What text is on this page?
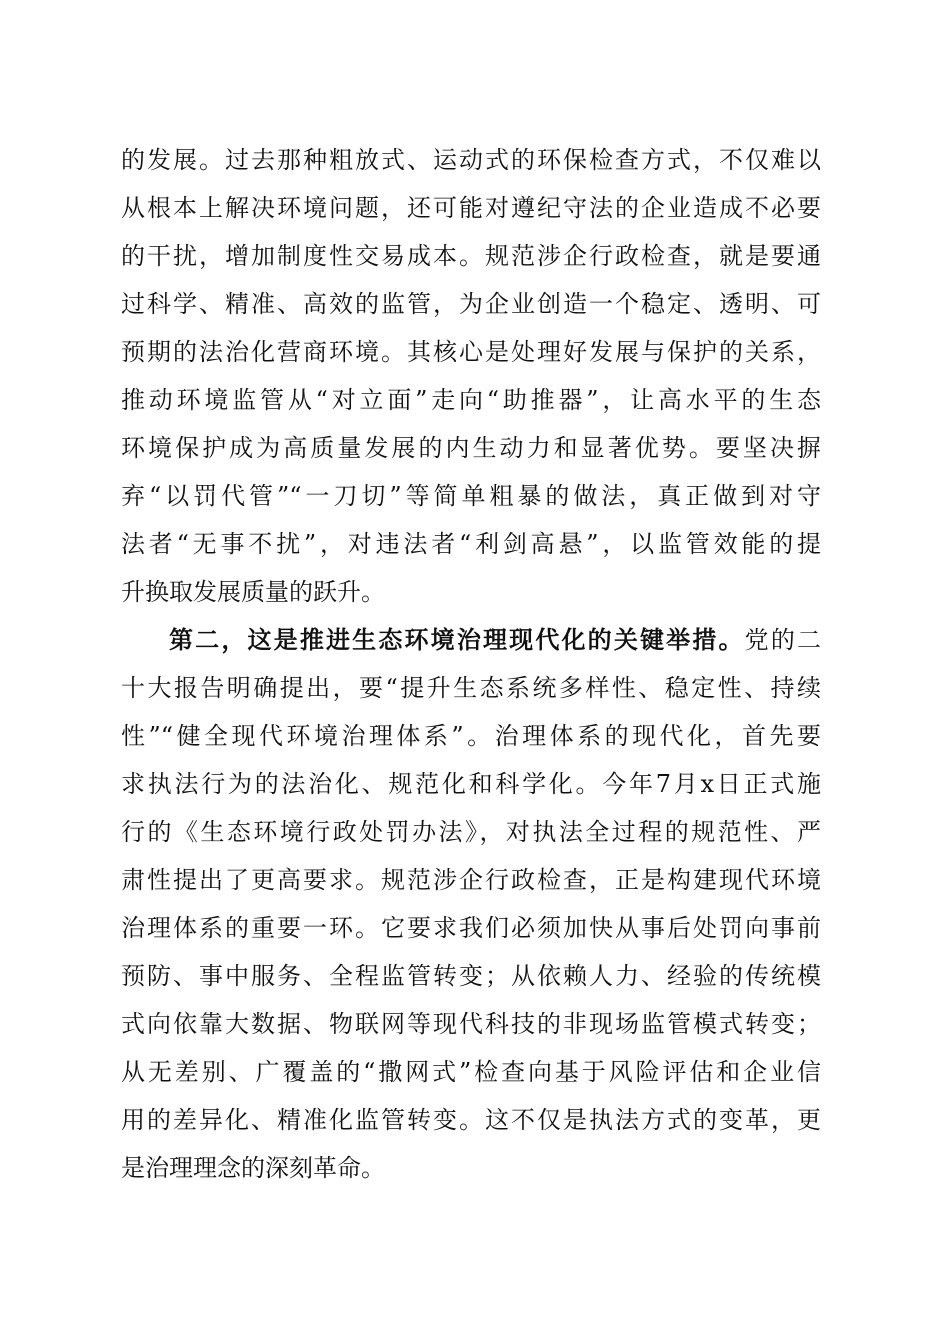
的发展。过去那种粗放式、运动式的环保检查方式，不仅难以

从根本上解决环境问题，还可能对遵纪守法的企业造成不必要

的干扰，增加制度性交易成本。规范涉企行政检查，就是要通

过科学、精准、高效的监管，为企业创造一个稳定、透明、可

预期的法治化营商环境。其核心是处理好发展与保护的关系，

推动环境监管从“对立面”走向“助推器”，让高水平的生态

环境保护成为高质量发展的内生动力和显著优势。要坚决摒

弃“以罚代管”“一刀切”等简单粗暴的做法，真正做到对守

法者“无事不扰”，对违法者“利剑高悬”，以监管效能的提

升换取发展质量的跃升。

第二，这是推进生态环境治理现代化的关键举措。党的二

十大报告明确提出，要“提升生态系统多样性、稳定性、持续

性”“健全现代环境治理体系”。治理体系的现代化，首先要

求执法行为的法治化、规范化和科学化。今年7月x日正式施

行的《生态环境行政处罚办法》，对执法全过程的规范性、严

肃性提出了更高要求。规范涉企行政检查，正是构建现代环境

治理体系的重要一环。它要求我们必须加快从事后处罚向事前

预防、事中服务、全程监管转变；从依赖人力、经验的传统模

式向依靠大数据、物联网等现代科技的非现场监管模式转变；

从无差别、广覆盖的“撒网式”检查向基于风险评估和企业信

用的差异化、精准化监管转变。这不仅是执法方式的变革，更

是治理理念的深刻革命。
